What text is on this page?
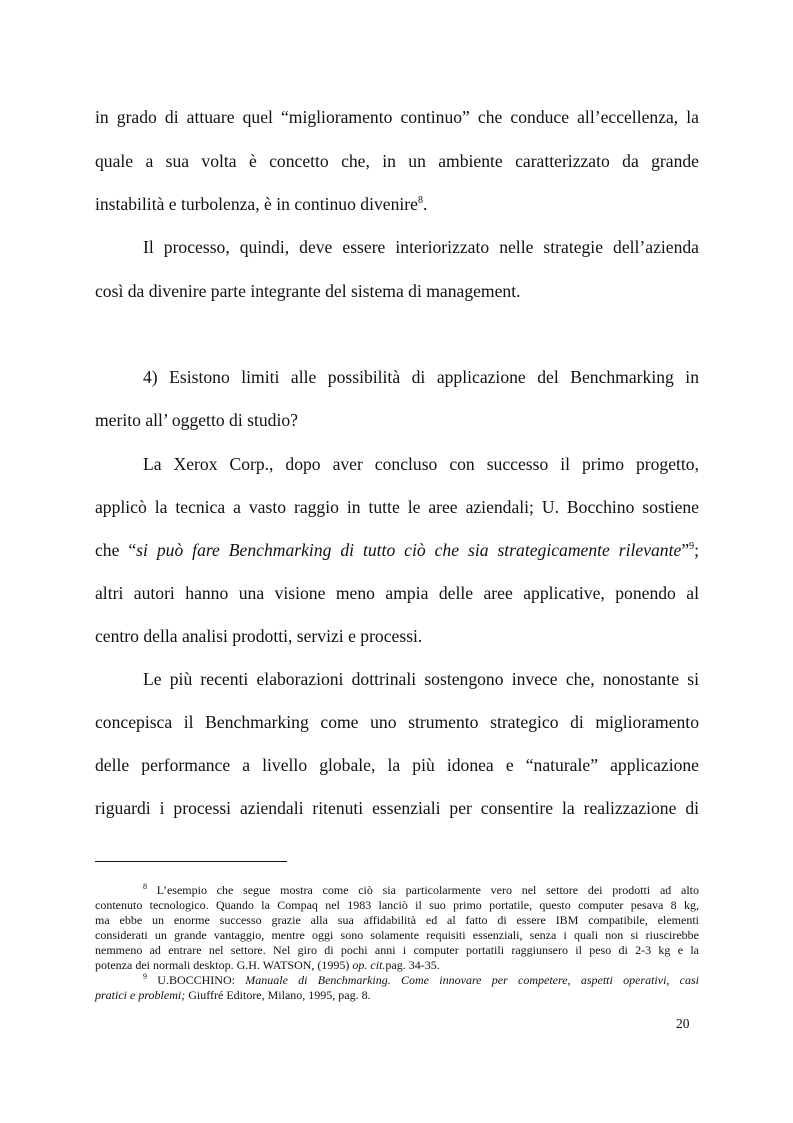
in grado di attuare quel “miglioramento continuo” che conduce all’eccellenza, la
quale a sua volta è concetto che, in un ambiente caratterizzato da grande
instabilità e turbolenza, è in continuo divenire$^8$.
Il processo, quindi, deve essere interiorizzato nelle strategie dell’azienda
così da divenire parte integrante del sistema di management.
4) Esistono limiti alle possibilità di applicazione del Benchmarking in
merito all’ oggetto di studio?
La Xerox Corp., dopo aver concluso con successo il primo progetto,
applicò la tecnica a vasto raggio in tutte le aree aziendali; U. Bocchino sostiene
che “si può fare Benchmarking di tutto ciò che sia strategicamente rilevante”$^9$;
altri autori hanno una visione meno ampia delle aree applicative, ponendo al
centro della analisi prodotti, servizi e processi.
Le più recenti elaborazioni dottrinali sostengono invece che, nonostante si
concepisca il Benchmarking come uno strumento strategico di miglioramento
delle performance a livello globale, la più idonea e “naturale” applicazione
riguardi i processi aziendali ritenuti essenziali per consentire la realizzazione di
$^8$ L’esempio che segue mostra come ciò sia particolarmente vero nel settore dei prodotti ad alto
contenuto tecnologico. Quando la Compaq nel 1983 lanciò il suo primo portatile, questo computer pesava 8 kg,
ma ebbe un enorme successo grazie alla sua affidabilità ed al fatto di essere IBM compatibile, elementi
considerati un grande vantaggio, mentre oggi sono solamente requisiti essenziali, senza i quali non si riuscirebbe
nemmeno ad entrare nel settore. Nel giro di pochi anni i computer portatili raggiunsero il peso di 2-3 kg e la
potenza dei normali desktop. G.H. WATSON, (1995) op. cit.pag. 34-35.
$^9$ U.BOCCHINO: Manuale di Benchmarking. Come innovare per competere, aspetti operativi, casi
pratici e problemi; Giuffré Editore, Milano, 1995, pag. 8.
20
